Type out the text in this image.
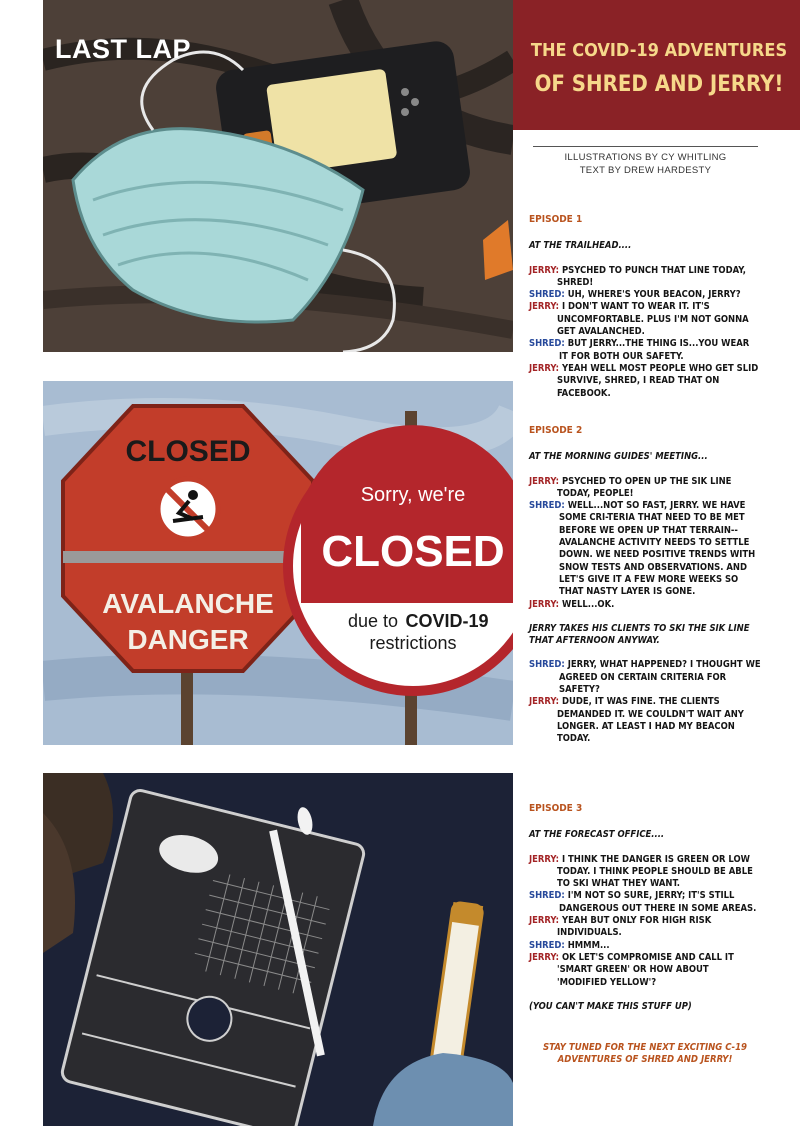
LAST LAP	THE COVID-19 ADVENTURES
OF SHRED AND JERRY!
ILLUSTRATIONS BY CY WHITLING
TEXT BY DREW HARDESTY
CLOSED
AVALANCHE
DANGER
Sorry, we're
CLOSED
due to COVID-19
restrictions
EPISODE 1
AT THE TRAILHEAD....
JERRY: PSYCHED TO PUNCH THAT LINE TODAY, SHRED!
SHRED: UH, WHERE'S YOUR BEACON, JERRY?
JERRY: I DON'T WANT TO WEAR IT. IT'S UNCOMFORTABLE. PLUS I'M NOT GONNA GET AVALANCHED.
SHRED: BUT JERRY...THE THING IS...YOU WEAR IT FOR BOTH OUR SAFETY.
JERRY: YEAH WELL MOST PEOPLE WHO GET SLID SURVIVE, SHRED, I READ THAT ON FACEBOOK.
EPISODE 2
AT THE MORNING GUIDES' MEETING...
JERRY: PSYCHED TO OPEN UP THE SIK LINE TODAY, PEOPLE!
SHRED: WELL...NOT SO FAST, JERRY. WE HAVE SOME CRI-TERIA THAT NEED TO BE MET BEFORE WE OPEN UP THAT TERRAIN--AVALANCHE ACTIVITY NEEDS TO SETTLE DOWN. WE NEED POSITIVE TRENDS WITH SNOW TESTS AND OBSERVATIONS. AND LET'S GIVE IT A FEW MORE WEEKS SO THAT NASTY LAYER IS GONE.
JERRY: WELL...OK.
JERRY TAKES HIS CLIENTS TO SKI THE SIK LINE THAT AFTERNOON ANYWAY.
SHRED: JERRY, WHAT HAPPENED? I THOUGHT WE AGREED ON CERTAIN CRITERIA FOR SAFETY?
JERRY: DUDE, IT WAS FINE. THE CLIENTS DEMANDED IT. WE COULDN'T WAIT ANY LONGER. AT LEAST I HAD MY BEACON TODAY.
EPISODE 3
AT THE FORECAST OFFICE....
JERRY: I THINK THE DANGER IS GREEN OR LOW TODAY. I THINK PEOPLE SHOULD BE ABLE TO SKI WHAT THEY WANT.
SHRED: I'M NOT SO SURE, JERRY; IT'S STILL DANGEROUS OUT THERE IN SOME AREAS.
JERRY: YEAH BUT ONLY FOR HIGH RISK INDIVIDUALS.
SHRED: HMMM...
JERRY: OK LET'S COMPROMISE AND CALL IT 'SMART GREEN' OR HOW ABOUT 'MODIFIED YELLOW'?
(YOU CAN'T MAKE THIS STUFF UP)
STAY TUNED FOR THE NEXT EXCITING C-19 ADVENTURES OF SHRED AND JERRY!
